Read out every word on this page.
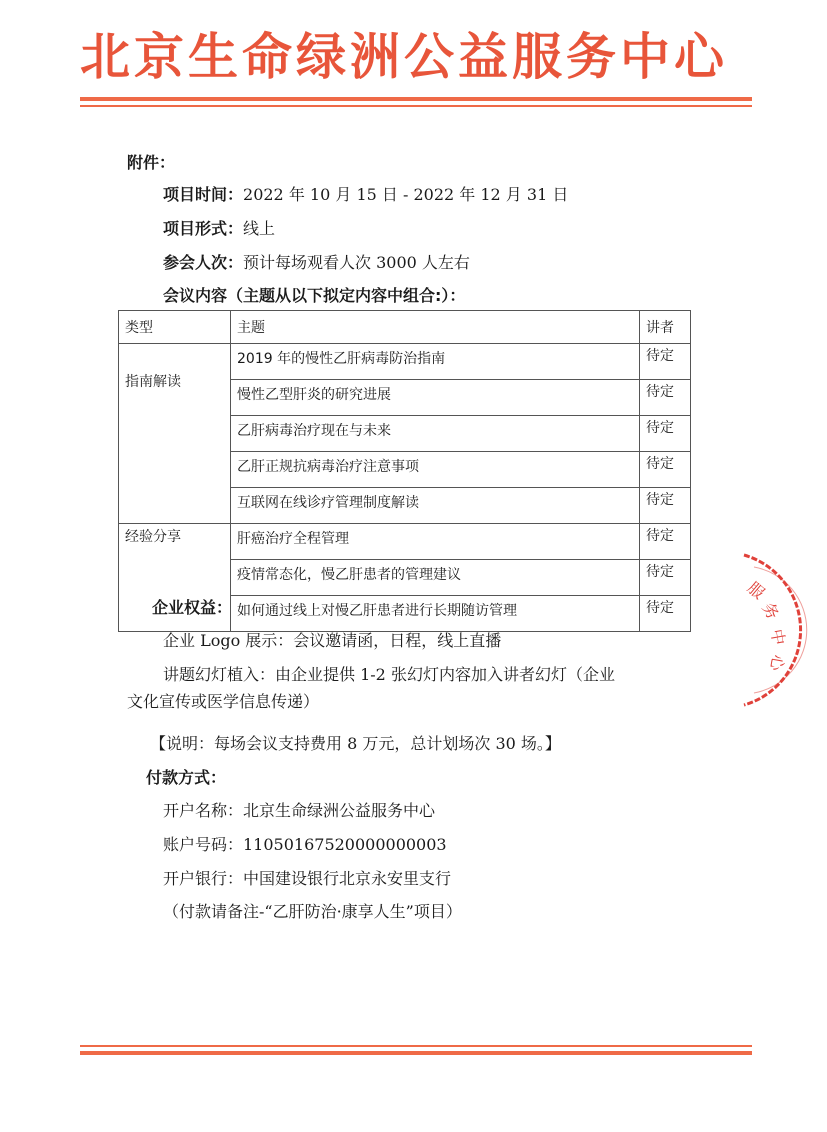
北京生命绿洲公益服务中心
附件：
项目时间：2022 年 10 月 15 日 - 2022 年 12 月 31 日
项目形式：线上
参会人次：预计每场观看人次 3000 人左右
会议内容（主题从以下拟定内容中组合:）：
类型	主题	讲者
指南解读	2019 年的慢性乙肝病毒防治指南	待定
	慢性乙型肝炎的研究进展	待定
	乙肝病毒治疗现在与未来	待定
	乙肝正规抗病毒治疗注意事项	待定
	互联网在线诊疗管理制度解读	待定
经验分享	肝癌治疗全程管理	待定
	疫情常态化，慢乙肝患者的管理建议	待定
	如何通过线上对慢乙肝患者进行长期随访管理	待定
企业权益：
企业 Logo 展示：会议邀请函，日程，线上直播
讲题幻灯植入：由企业提供 1-2 张幻灯内容加入讲者幻灯（企业
文化宣传或医学信息传递）
【说明：每场会议支持费用 8 万元，总计划场次 30 场。】
付款方式：
开户名称：北京生命绿洲公益服务中心
账户号码：11050167520000000003
开户银行：中国建设银行北京永安里支行
（付款请备注-“乙肝防治·康享人生”项目）
服
务
中
心
